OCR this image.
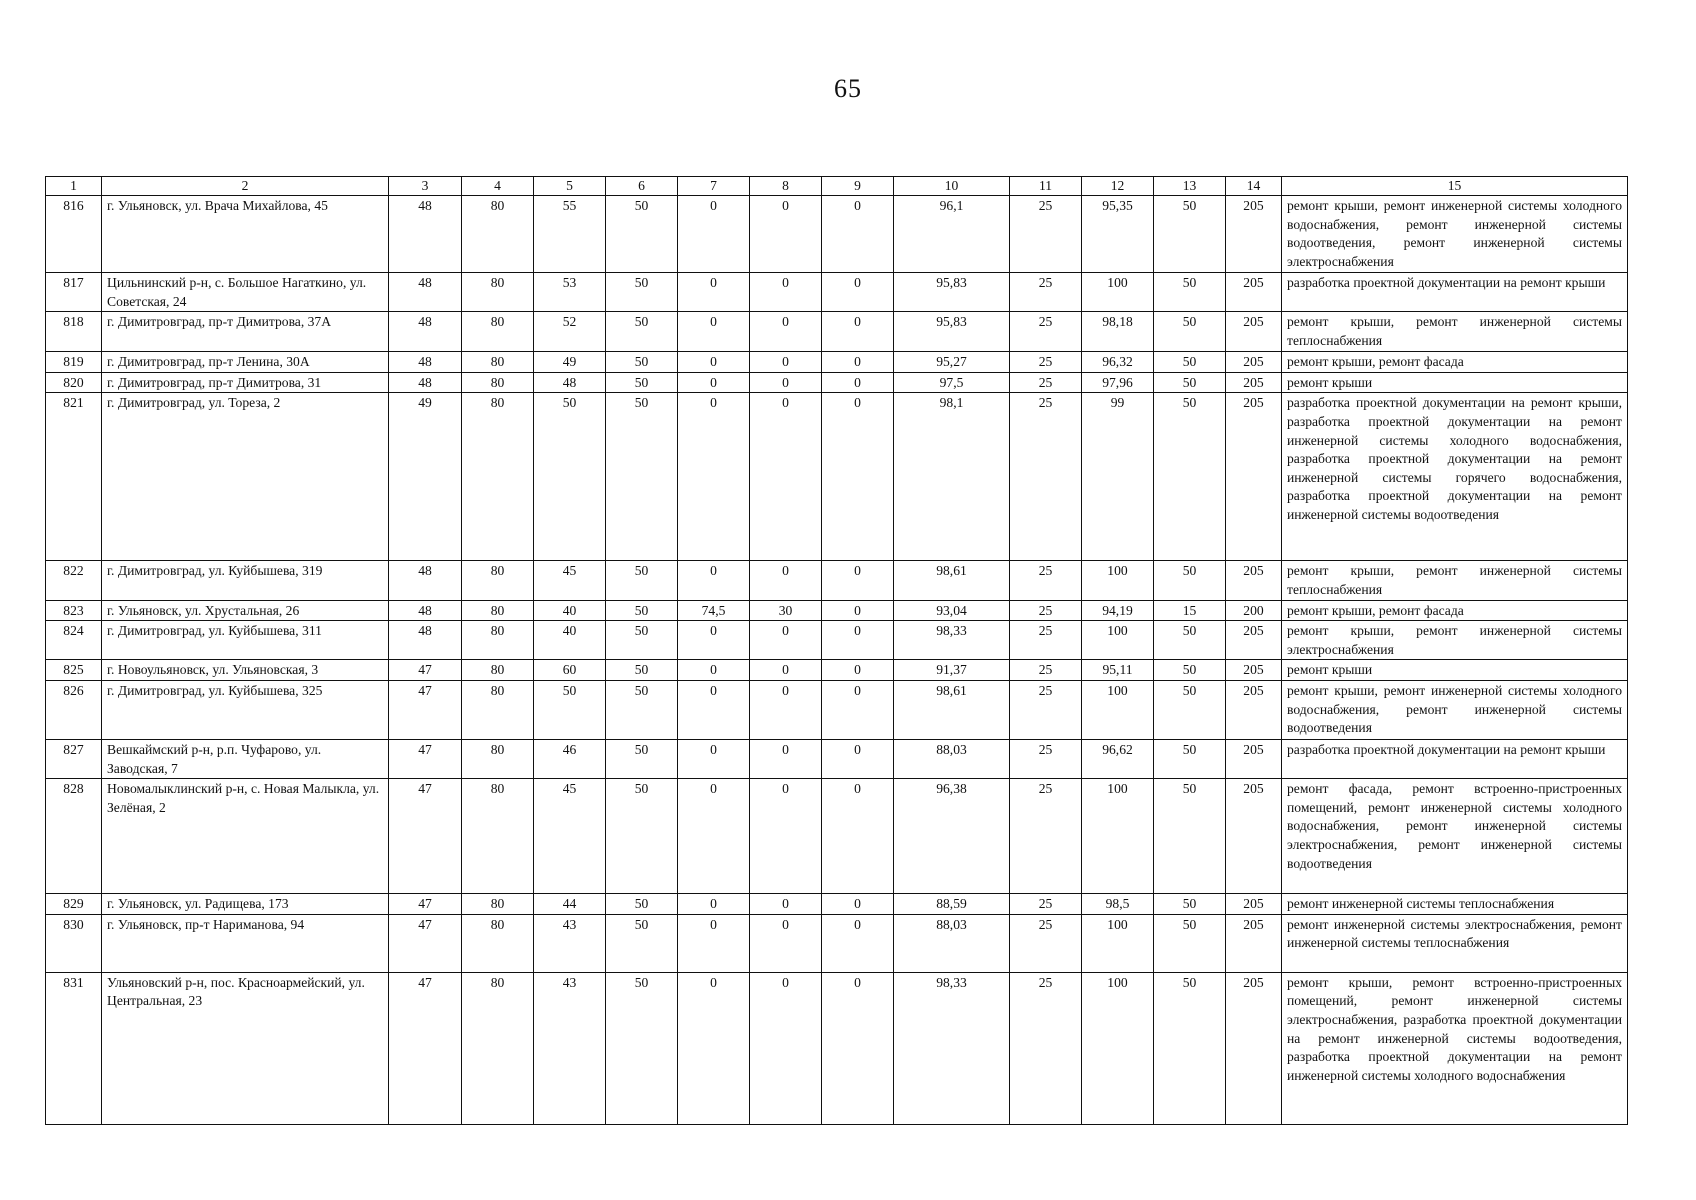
65
1	2	3	4	5	6	7	8	9	10	11	12	13	14	15
816	г. Ульяновск, ул. Врача Михайлова, 45	48	80	55	50	0	0	0	96,1	25	95,35	50	205	ремонт крыши, ремонт инженерной системы холодного водоснабжения, ремонт инженерной системы водоотведения, ремонт инженерной системы электроснабжения
817	Цильнинский р-н, с. Большое Нагаткино, ул. Советская, 24	48	80	53	50	0	0	0	95,83	25	100	50	205	разработка проектной документации на ремонт крыши
818	г. Димитровград, пр-т Димитрова, 37А	48	80	52	50	0	0	0	95,83	25	98,18	50	205	ремонт крыши, ремонт инженерной системы теплоснабжения
819	г. Димитровград, пр-т Ленина, 30А	48	80	49	50	0	0	0	95,27	25	96,32	50	205	ремонт крыши, ремонт фасада
820	г. Димитровград, пр-т Димитрова, 31	48	80	48	50	0	0	0	97,5	25	97,96	50	205	ремонт крыши
821	г. Димитровград, ул. Тореза, 2	49	80	50	50	0	0	0	98,1	25	99	50	205	разработка проектной документации на ремонт крыши, разработка проектной документации на ремонт инженерной системы холодного водоснабжения, разработка проектной документации на ремонт инженерной системы горячего водоснабжения, разработка проектной документации на ремонт инженерной системы водоотведения
822	г. Димитровград, ул. Куйбышева, 319	48	80	45	50	0	0	0	98,61	25	100	50	205	ремонт крыши, ремонт инженерной системы теплоснабжения
823	г. Ульяновск, ул. Хрустальная, 26	48	80	40	50	74,5	30	0	93,04	25	94,19	15	200	ремонт крыши, ремонт фасада
824	г. Димитровград, ул. Куйбышева, 311	48	80	40	50	0	0	0	98,33	25	100	50	205	ремонт крыши, ремонт инженерной системы электроснабжения
825	г. Новоульяновск, ул. Ульяновская, 3	47	80	60	50	0	0	0	91,37	25	95,11	50	205	ремонт крыши
826	г. Димитровград, ул. Куйбышева, 325	47	80	50	50	0	0	0	98,61	25	100	50	205	ремонт крыши, ремонт инженерной системы холодного водоснабжения, ремонт инженерной системы водоотведения
827	Вешкаймский р-н, р.п. Чуфарово, ул. Заводская, 7	47	80	46	50	0	0	0	88,03	25	96,62	50	205	разработка проектной документации на ремонт крыши
828	Новомалыклинский р-н, с. Новая Малыкла, ул. Зелёная, 2	47	80	45	50	0	0	0	96,38	25	100	50	205	ремонт фасада, ремонт встроенно-пристроенных помещений, ремонт инженерной системы холодного водоснабжения, ремонт инженерной системы электроснабжения, ремонт инженерной системы водоотведения
829	г. Ульяновск, ул. Радищева, 173	47	80	44	50	0	0	0	88,59	25	98,5	50	205	ремонт инженерной системы теплоснабжения
830	г. Ульяновск, пр-т Нариманова, 94	47	80	43	50	0	0	0	88,03	25	100	50	205	ремонт инженерной системы электроснабжения, ремонт инженерной системы теплоснабжения
831	Ульяновский р-н, пос. Красноармейский, ул. Центральная, 23	47	80	43	50	0	0	0	98,33	25	100	50	205	ремонт крыши, ремонт встроенно-пристроенных помещений, ремонт инженерной системы электроснабжения, разработка проектной документации на ремонт инженерной системы водоотведения, разработка проектной документации на ремонт инженерной системы холодного водоснабжения
